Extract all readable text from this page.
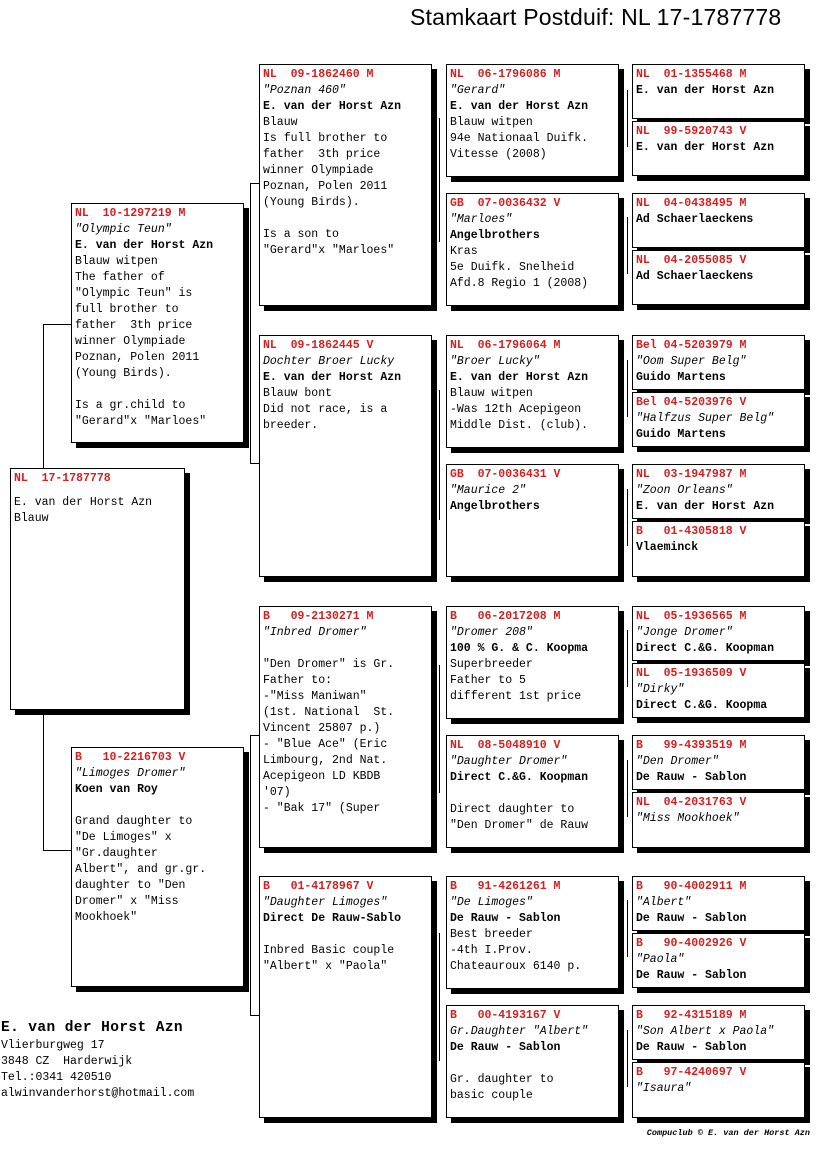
Stamkaart Postduif: NL 17-1787778
NL  17-1787778
E. van der Horst Azn
Blauw
NL  10-1297219 M
"Olympic Teun"
E. van der Horst Azn
Blauw witpen
The father of
"Olympic Teun" is
full brother to
father  3th price
winner Olympiade
Poznan, Polen 2011
(Young Birds).

Is a gr.child to
"Gerard"x "Marloes"
B   10-2216703 V
"Limoges Dromer"
Koen van Roy

Grand daughter to
"De Limoges" x
"Gr.daughter
Albert", and gr.gr.
daughter to "Den
Dromer" x "Miss
Mookhoek"
NL  09-1862460 M
"Poznan 460"
E. van der Horst Azn
Blauw
Is full brother to
father  3th price
winner Olympiade
Poznan, Polen 2011
(Young Birds).

Is a son to
"Gerard"x "Marloes"
NL  09-1862445 V
Dochter Broer Lucky
E. van der Horst Azn
Blauw bont
Did not race, is a
breeder.
B   09-2130271 M
"Inbred Dromer"

"Den Dromer" is Gr.
Father to:
-"Miss Maniwan"
(1st. National  St.
Vincent 25807 p.)
- "Blue Ace" (Eric
Limbourg, 2nd Nat.
Acepigeon LD KBDB
'07)
- "Bak 17" (Super
B   01-4178967 V
"Daughter Limoges"
Direct De Rauw-Sablo

Inbred Basic couple
"Albert" x "Paola"
NL  06-1796086 M
"Gerard"
E. van der Horst Azn
Blauw witpen
94e Nationaal Duifk.
Vitesse (2008)
GB  07-0036432 V
"Marloes"
Angelbrothers
Kras
5e Duifk. Snelheid
Afd.8 Regio 1 (2008)
NL  06-1796064 M
"Broer Lucky"
E. van der Horst Azn
Blauw witpen
-Was 12th Acepigeon
Middle Dist. (club).
GB  07-0036431 V
"Maurice 2"
Angelbrothers
B   06-2017208 M
"Dromer 208"
100 % G. & C. Koopma
Superbreeder
Father to 5
different 1st price
NL  08-5048910 V
"Daughter Dromer"
Direct C.&G. Koopman

Direct daughter to
"Den Dromer" de Rauw
B   91-4261261 M
"De Limoges"
De Rauw - Sablon
Best breeder
-4th I.Prov.
Chateauroux 6140 p.
B   00-4193167 V
Gr.Daughter "Albert"
De Rauw - Sablon

Gr. daughter to
basic couple
NL  01-1355468 M
E. van der Horst Azn
NL  99-5920743 V
E. van der Horst Azn
NL  04-0438495 M
Ad Schaerlaeckens
NL  04-2055085 V
Ad Schaerlaeckens
Bel 04-5203979 M
"Oom Super Belg"
Guido Martens
Bel 04-5203976 V
"Halfzus Super Belg"
Guido Martens
NL  03-1947987 M
"Zoon Orleans"
E. van der Horst Azn
B   01-4305818 V
Vlaeminck
NL  05-1936565 M
"Jonge Dromer"
Direct C.&G. Koopman
NL  05-1936509 V
"Dirky"
Direct C.&G. Koopma
B   99-4393519 M
"Den Dromer"
De Rauw - Sablon
NL  04-2031763 V
"Miss Mookhoek"
B   90-4002911 M
"Albert"
De Rauw - Sablon
B   90-4002926 V
"Paola"
De Rauw - Sablon
B   92-4315189 M
"Son Albert x Paola"
De Rauw - Sablon
B   97-4240697 V
"Isaura"
E. van der Horst Azn
Vlierburgweg 17
3848 CZ  Harderwijk
Tel.:0341 420510
alwinvanderhorst@hotmail.com
Compuclub © E. van der Horst Azn
